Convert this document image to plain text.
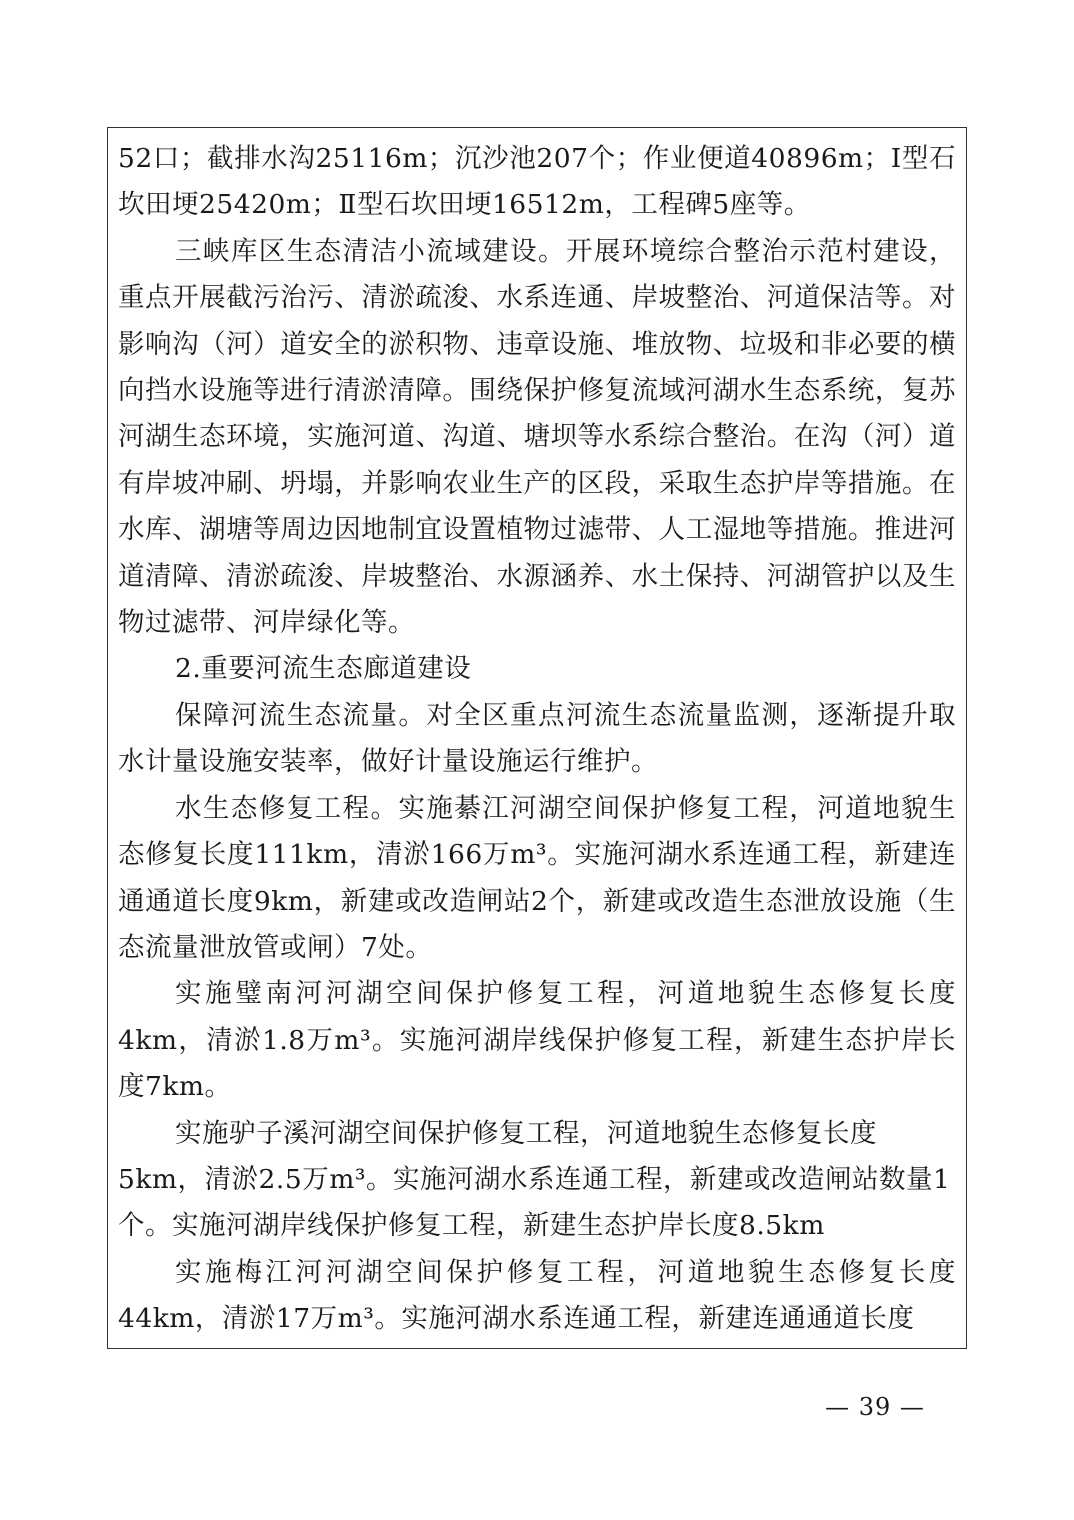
52口；截排水沟25116m；沉沙池207个；作业便道40896m；Ⅰ型石坎田埂25420m；Ⅱ型石坎田埂16512m，工程碑5座等。

三峡库区生态清洁小流域建设。开展环境综合整治示范村建设，重点开展截污治污、清淤疏浚、水系连通、岸坡整治、河道保洁等。对影响沟（河）道安全的淤积物、违章设施、堆放物、垃圾和非必要的横向挡水设施等进行清淤清障。围绕保护修复流域河湖水生态系统，复苏河湖生态环境，实施河道、沟道、塘坝等水系综合整治。在沟（河）道有岸坡冲刷、坍塌，并影响农业生产的区段，采取生态护岸等措施。在水库、湖塘等周边因地制宜设置植物过滤带、人工湿地等措施。推进河道清障、清淤疏浚、岸坡整治、水源涵养、水土保持、河湖管护以及生物过滤带、河岸绿化等。

2.重要河流生态廊道建设

保障河流生态流量。对全区重点河流生态流量监测，逐渐提升取水计量设施安装率，做好计量设施运行维护。

水生态修复工程。实施綦江河湖空间保护修复工程，河道地貌生态修复长度111km，清淤166万m³。实施河湖水系连通工程，新建连通通道长度9km，新建或改造闸站2个，新建或改造生态泄放设施（生态流量泄放管或闸）7处。

实施璧南河河湖空间保护修复工程，河道地貌生态修复长度4km，清淤1.8万m³。实施河湖岸线保护修复工程，新建生态护岸长度7km。

实施驴子溪河湖空间保护修复工程，河道地貌生态修复长度5km，清淤2.5万m³。实施河湖水系连通工程，新建或改造闸站数量1个。实施河湖岸线保护修复工程，新建生态护岸长度8.5km

实施梅江河河湖空间保护修复工程，河道地貌生态修复长度44km，清淤17万m³。实施河湖水系连通工程，新建连通通道长度

— 39 —
